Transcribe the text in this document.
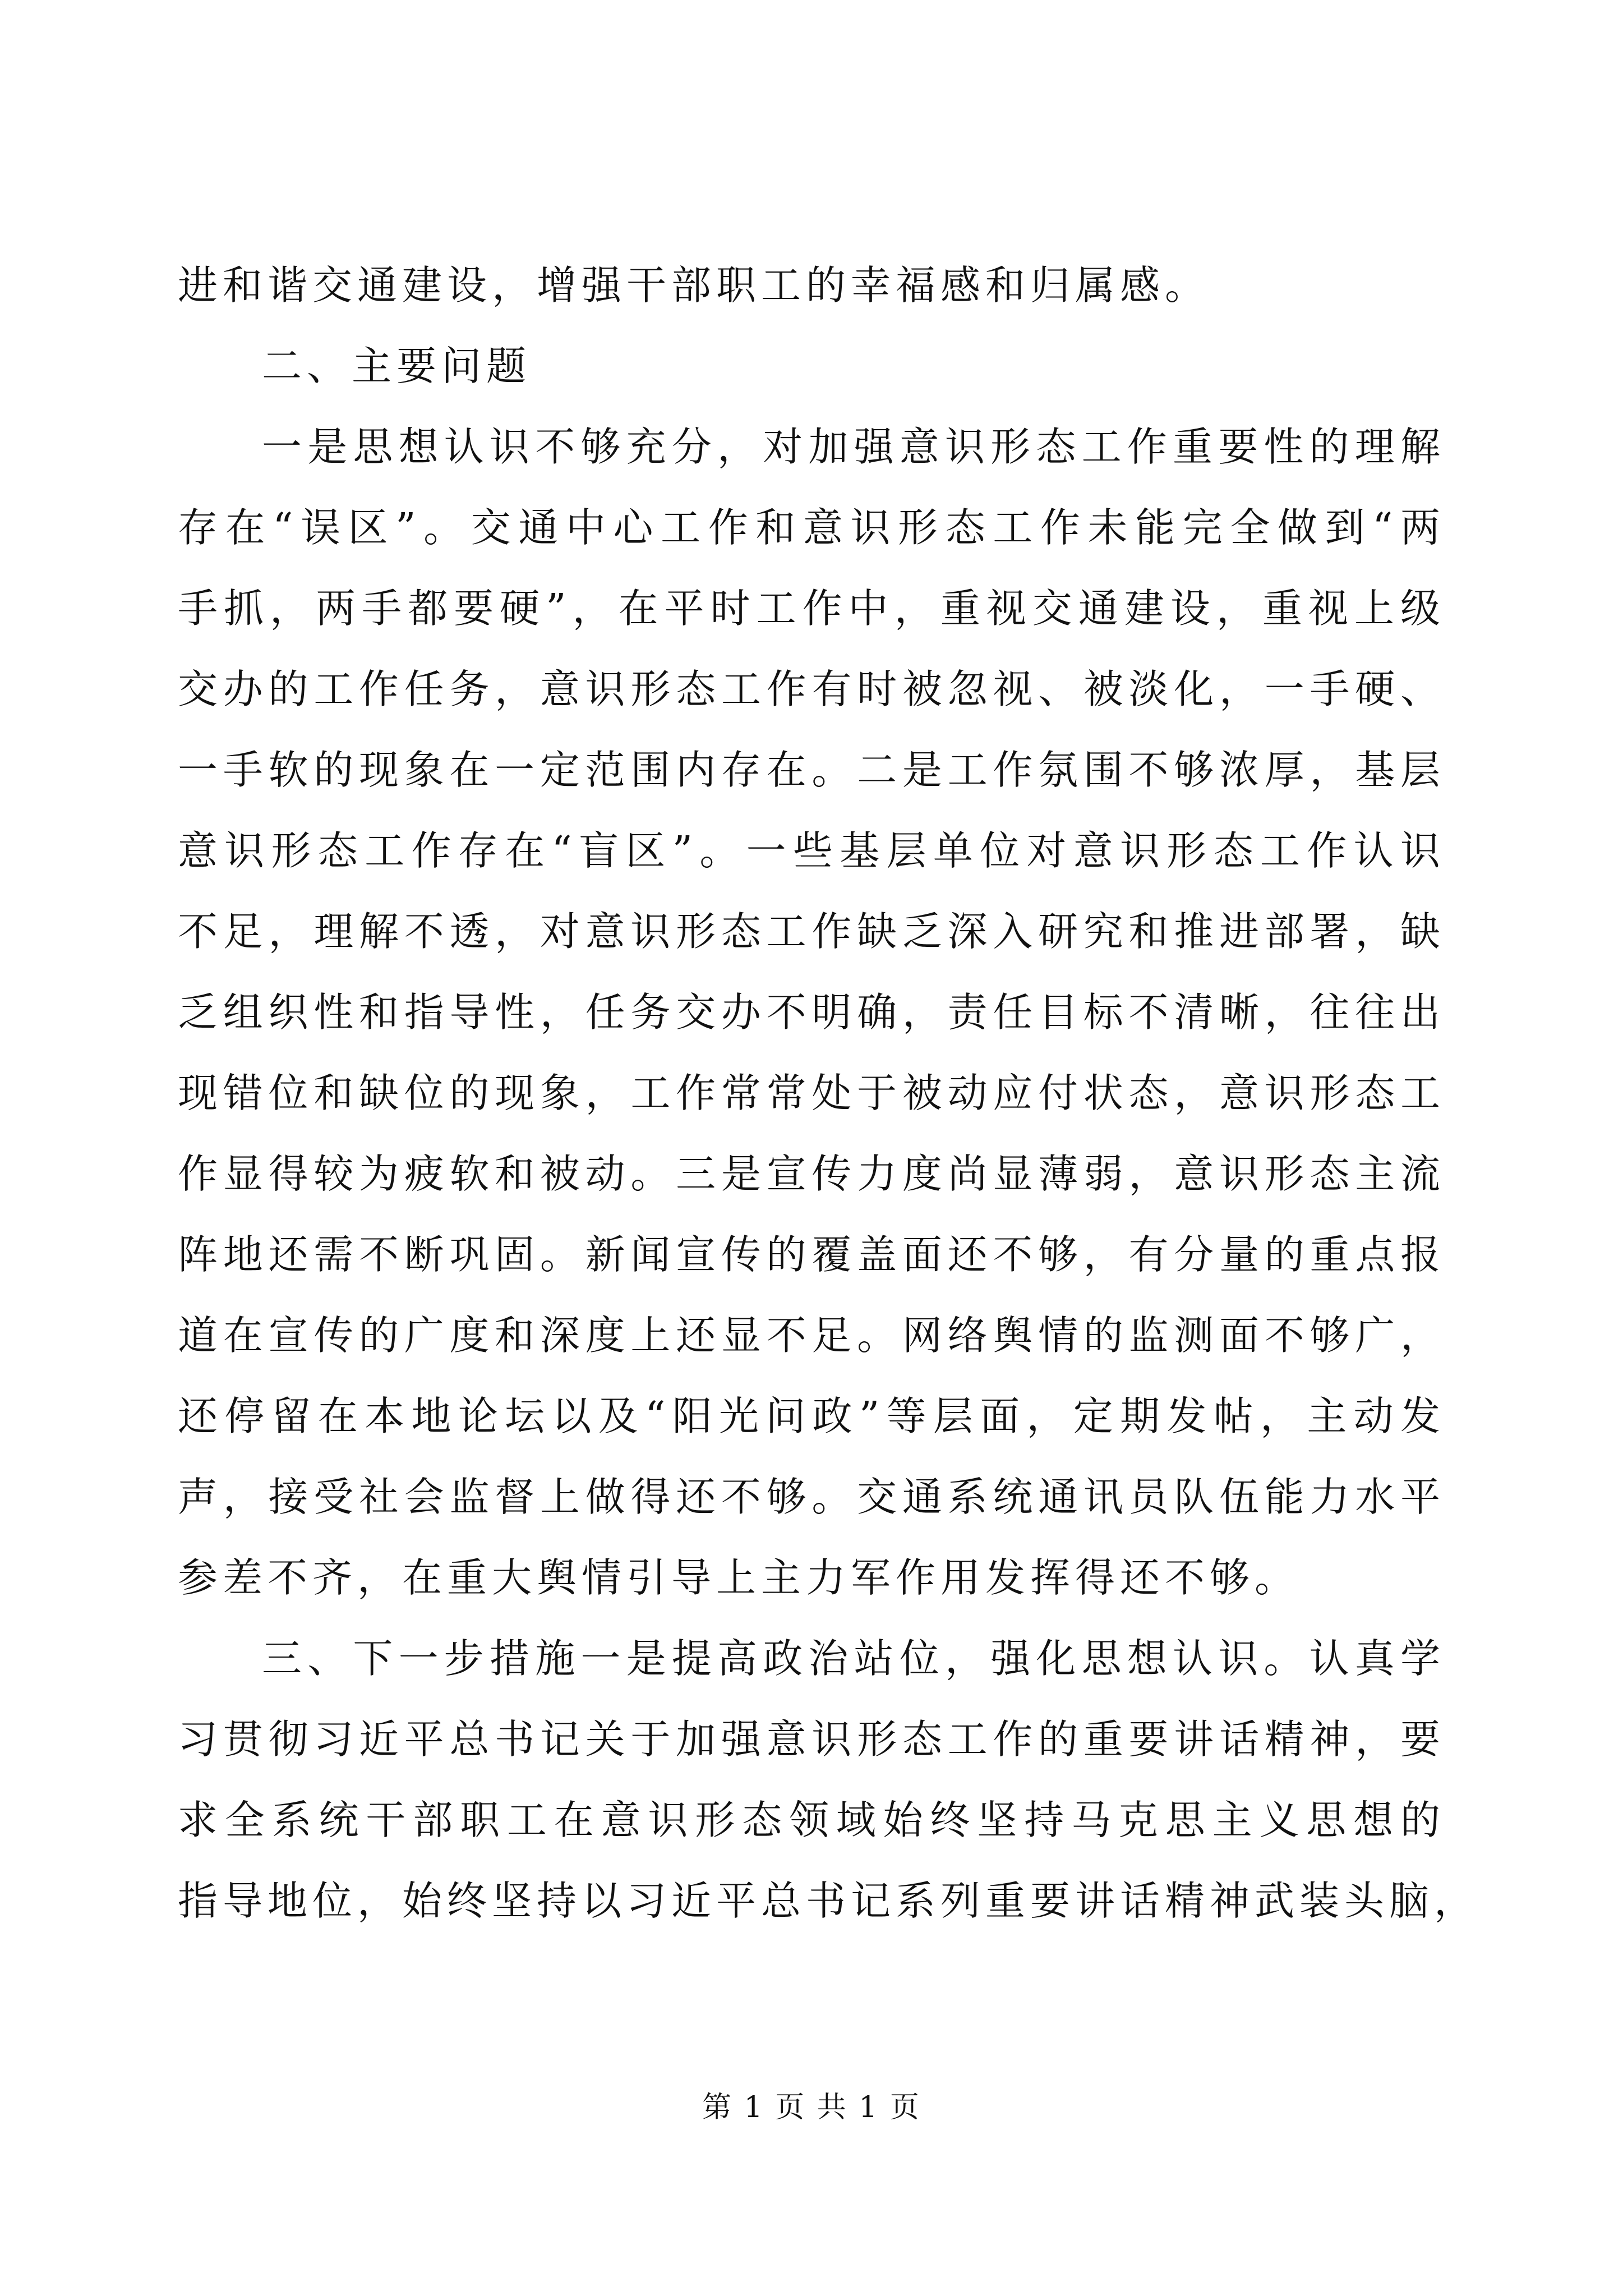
进和谐交通建设，增强干部职工的幸福感和归属感。
二、主要问题
一是思想认识不够充分，对加强意识形态工作重要性的理解
存在“误区”。交通中心工作和意识形态工作未能完全做到“两
手抓，两手都要硬”，在平时工作中，重视交通建设，重视上级
交办的工作任务，意识形态工作有时被忽视、被淡化，一手硬、
一手软的现象在一定范围内存在。二是工作氛围不够浓厚，基层
意识形态工作存在“盲区”。一些基层单位对意识形态工作认识
不足，理解不透，对意识形态工作缺乏深入研究和推进部署，缺
乏组织性和指导性，任务交办不明确，责任目标不清晰，往往出
现错位和缺位的现象，工作常常处于被动应付状态，意识形态工
作显得较为疲软和被动。三是宣传力度尚显薄弱，意识形态主流
阵地还需不断巩固。新闻宣传的覆盖面还不够，有分量的重点报
道在宣传的广度和深度上还显不足。网络舆情的监测面不够广，
还停留在本地论坛以及“阳光问政”等层面，定期发帖，主动发
声，接受社会监督上做得还不够。交通系统通讯员队伍能力水平
参差不齐，在重大舆情引导上主力军作用发挥得还不够。
三、下一步措施一是提高政治站位，强化思想认识。认真学
习贯彻习近平总书记关于加强意识形态工作的重要讲话精神，要
求全系统干部职工在意识形态领域始终坚持马克思主义思想的
指导地位，始终坚持以习近平总书记系列重要讲话精神武装头脑，
第 1 页 共 1 页
